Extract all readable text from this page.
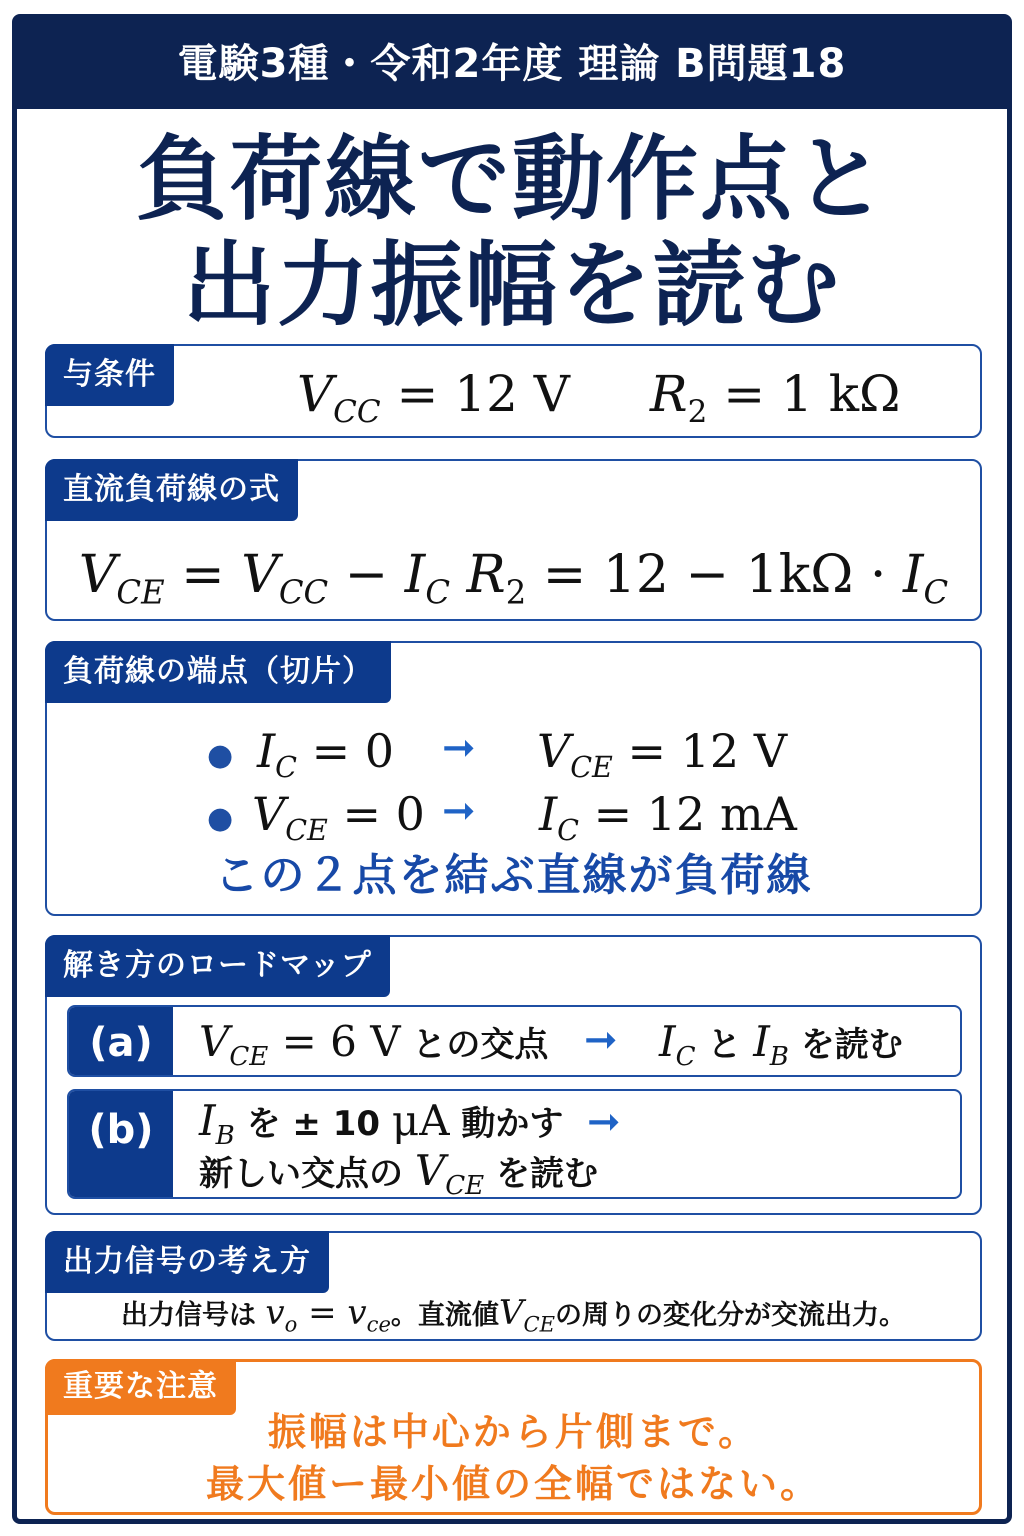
電験3種・令和2年度 理論 B問題18
負荷線で動作点と
出力振幅を読む
与条件	$V_{CC} = 12$ V $R_2 = 1$ kΩ
直流負荷線の式
$V_{CE} = V_{CC} - I_C$ $R_2 = 12 - 1k\Omega \cdot I_C$
負荷線の端点（切片）
● $I_C = 0$ ➞ $V_{CE} = 12$ V
● $V_{CE} = 0$ ➞ $I_C = 12$ mA
この２点を結ぶ直線が負荷線
解き方のロードマップ
(a)	$V_{CE} = 6$ V との交点 ➞ $I_C$ と $I_B$ を読む
(b)	$I_B$ を ± 10 μA 動かす ➞
新しい交点の $V_{CE}$ を読む
出力信号の考え方
出力信号は $v_o = v_{ce}$。直流値$V_{CE}$の周りの変化分が交流出力。
重要な注意
振幅は中心から片側まで。
最大値ー最小値の全幅ではない。
